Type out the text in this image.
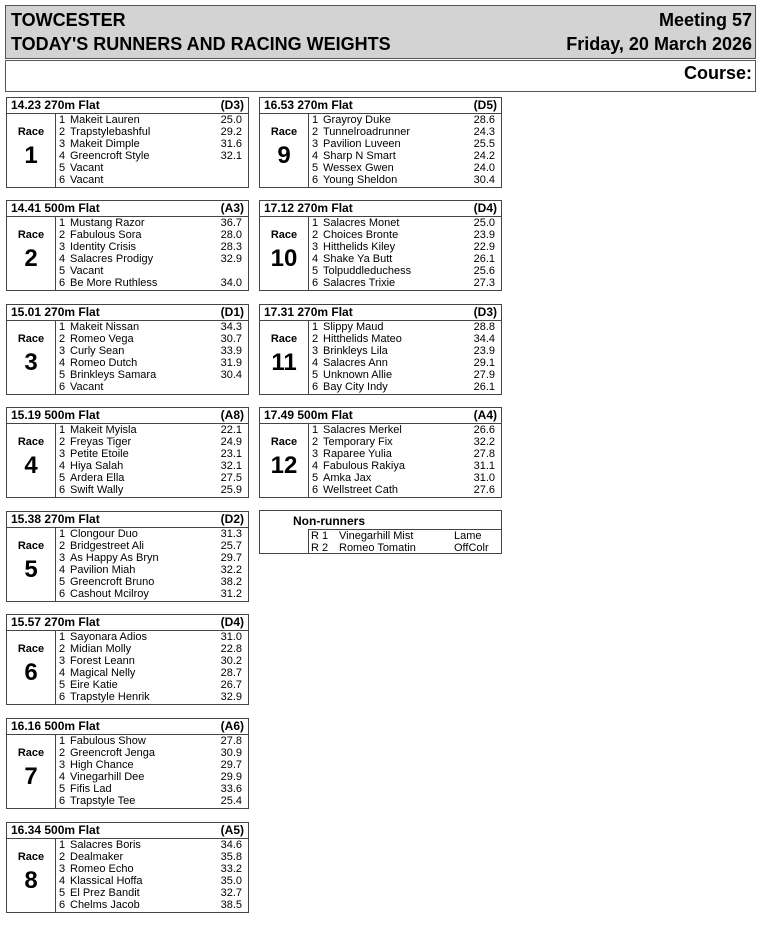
TOWCESTER
TODAY'S RUNNERS AND RACING WEIGHTS
Meeting 57
Friday, 20 March 2026
Course:
14.23 270m Flat	(D3)
Race
1
1 Makeit Lauren	25.0
2 Trapstylebashful	29.2
3 Makeit Dimple	31.6
4 Greencroft Style	32.1
5 Vacant
6 Vacant
14.41 500m Flat	(A3)
Race
2
1 Mustang Razor	36.7
2 Fabulous Sora	28.0
3 Identity Crisis	28.3
4 Salacres Prodigy	32.9
5 Vacant
6 Be More Ruthless	34.0
15.01 270m Flat	(D1)
Race
3
1 Makeit Nissan	34.3
2 Romeo Vega	30.7
3 Curly Sean	33.9
4 Romeo Dutch	31.9
5 Brinkleys Samara	30.4
6 Vacant
15.19 500m Flat	(A8)
Race
4
1 Makeit Myisla	22.1
2 Freyas Tiger	24.9
3 Petite Etoile	23.1
4 Hiya Salah	32.1
5 Ardera Ella	27.5
6 Swift Wally	25.9
15.38 270m Flat	(D2)
Race
5
1 Clongour Duo	31.3
2 Bridgestreet Ali	25.7
3 As Happy As Bryn	29.7
4 Pavilion Miah	32.2
5 Greencroft Bruno	38.2
6 Cashout Mcilroy	31.2
15.57 270m Flat	(D4)
Race
6
1 Sayonara Adios	31.0
2 Midian Molly	22.8
3 Forest Leann	30.2
4 Magical Nelly	28.7
5 Eire Katie	26.7
6 Trapstyle Henrik	32.9
16.16 500m Flat	(A6)
Race
7
1 Fabulous Show	27.8
2 Greencroft Jenga	30.9
3 High Chance	29.7
4 Vinegarhill Dee	29.9
5 Fifis Lad	33.6
6 Trapstyle Tee	25.4
16.34 500m Flat	(A5)
Race
8
1 Salacres Boris	34.6
2 Dealmaker	35.8
3 Romeo Echo	33.2
4 Klassical Hoffa	35.0
5 El Prez Bandit	32.7
6 Chelms Jacob	38.5
16.53 270m Flat	(D5)
Race
9
1 Grayroy Duke	28.6
2 Tunnelroadrunner	24.3
3 Pavilion Luveen	25.5
4 Sharp N Smart	24.2
5 Wessex Gwen	24.0
6 Young Sheldon	30.4
17.12 270m Flat	(D4)
Race
10
1 Salacres Monet	25.0
2 Choices Bronte	23.9
3 Hitthelids Kiley	22.9
4 Shake Ya Butt	26.1
5 Tolpuddleduchess	25.6
6 Salacres Trixie	27.3
17.31 270m Flat	(D3)
Race
11
1 Slippy Maud	28.8
2 Hitthelids Mateo	34.4
3 Brinkleys Lila	23.9
4 Salacres Ann	29.1
5 Unknown Allie	27.9
6 Bay City Indy	26.1
17.49 500m Flat	(A4)
Race
12
1 Salacres Merkel	26.6
2 Temporary Fix	32.2
3 Raparee Yulia	27.8
4 Fabulous Rakiya	31.1
5 Amka Jax	31.0
6 Wellstreet Cath	27.6
Non-runners
R 1 Vinegarhill Mist	Lame
R 2 Romeo Tomatin	OffColr
